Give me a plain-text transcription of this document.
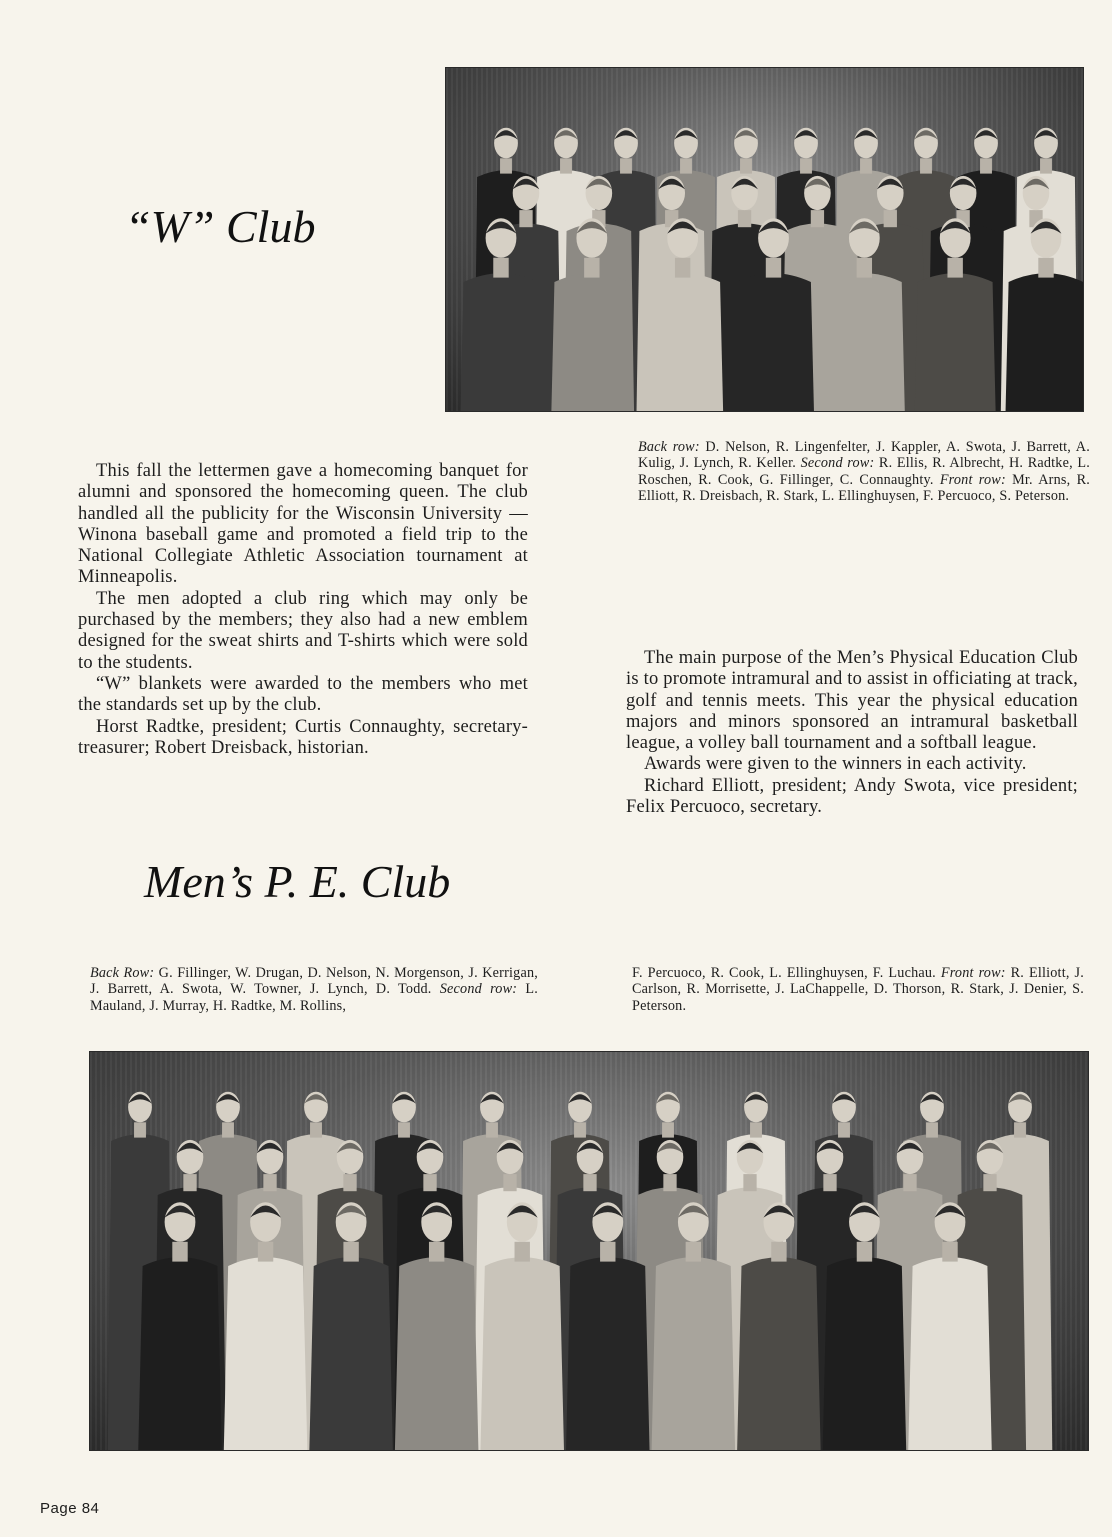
“W” Club
Back row: D. Nelson, R. Lingenfelter, J. Kappler, A. Swota, J. Barrett, A. Kulig, J. Lynch, R. Keller. Second row: R. Ellis, R. Albrecht, H. Radtke, L. Roschen, R. Cook, G. Fillinger, C. Connaughty. Front row: Mr. Arns, R. Elliott, R. Dreisbach, R. Stark, L. Ellinghuysen, F. Percuoco, S. Peterson.

This fall the lettermen gave a homecoming banquet for alumni and sponsored the homecoming queen. The club handled all the publicity for the Wisconsin University — Winona baseball game and promoted a field trip to the National Collegiate Athletic Association tournament at Minneapolis.

The men adopted a club ring which may only be purchased by the members; they also had a new emblem designed for the sweat shirts and T-shirts which were sold to the students.

“W” blankets were awarded to the members who met the standards set up by the club.

Horst Radtke, president; Curtis Connaughty, secretary-treasurer; Robert Dreisback, historian.

The main purpose of the Men’s Physical Education Club is to promote intramural and to assist in officiating at track, golf and tennis meets. This year the physical education majors and minors sponsored an intramural basketball league, a volley ball tournament and a softball league.

Awards were given to the winners in each activity.

Richard Elliott, president; Andy Swota, vice president; Felix Percuoco, secretary.

Men’s P. E. Club
Back Row: G. Fillinger, W. Drugan, D. Nelson, N. Morgenson, J. Kerrigan, J. Barrett, A. Swota, W. Towner, J. Lynch, D. Todd. Second row: L. Mauland, J. Murray, H. Radtke, M. Rollins,
F. Percuoco, R. Cook, L. Ellinghuysen, F. Luchau. Front row: R. Elliott, J. Carlson, R. Morrisette, J. LaChappelle, D. Thorson, R. Stark, J. Denier, S. Peterson.
Page 84
